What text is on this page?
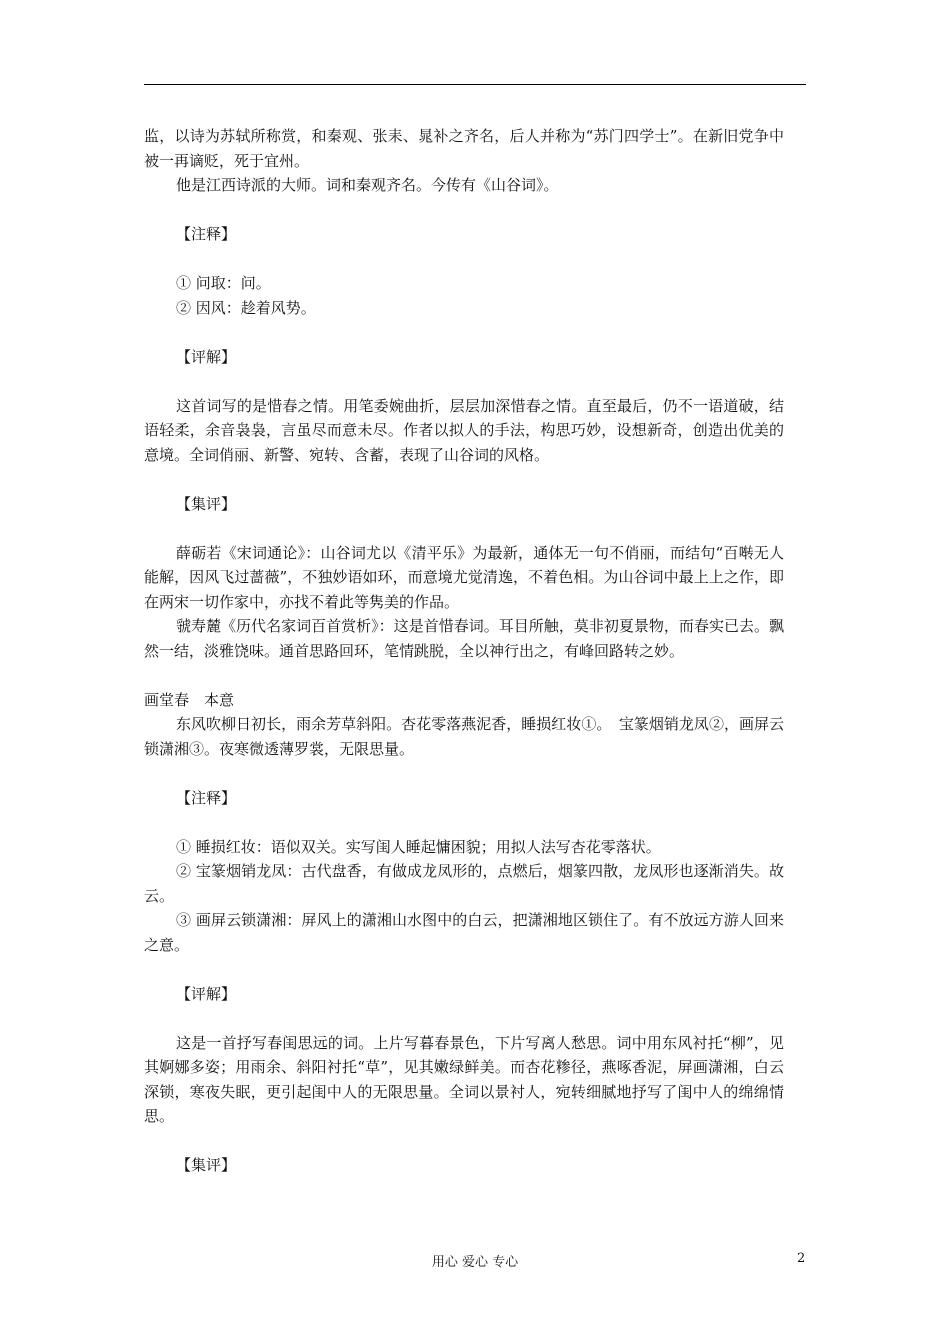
监，以诗为苏轼所称赏，和秦观、张耒、晁补之齐名，后人并称为“苏门四学士”。在新旧党争中被一再谪贬，死于宜州。

他是江西诗派的大师。词和秦观齐名。今传有《山谷词》。

【注释】

① 问取：问。

② 因风：趁着风势。

【评解】

这首词写的是惜春之情。用笔委婉曲折，层层加深惜春之情。直至最后，仍不一语道破，结语轻柔，余音袅袅，言虽尽而意未尽。作者以拟人的手法，构思巧妙，设想新奇，创造出优美的意境。全词俏丽、新警、宛转、含蓄，表现了山谷词的风格。

【集评】

薛砺若《宋词通论》：山谷词尤以《清平乐》为最新，通体无一句不俏丽，而结句“百啭无人能解，因风飞过蔷薇”，不独妙语如环，而意境尤觉清逸，不着色相。为山谷词中最上上之作，即在两宋一切作家中，亦找不着此等隽美的作品。

虢寿麓《历代名家词百首赏析》：这是首惜春词。耳目所触，莫非初夏景物，而春实已去。飘然一结，淡雅饶味。通首思路回环，笔情跳脱，全以神行出之，有峰回路转之妙。

画堂春　本意

东风吹柳日初长，雨余芳草斜阳。杏花零落燕泥香，睡损红妆①。　宝篆烟销龙凤②，画屏云锁潇湘③。夜寒微透薄罗裳，无限思量。

【注释】

① 睡损红妆：语似双关。实写闺人睡起慵困貌；用拟人法写杏花零落状。

② 宝篆烟销龙凤：古代盘香，有做成龙凤形的，点燃后，烟篆四散，龙凤形也逐渐消失。故云。

③ 画屏云锁潇湘：屏风上的潇湘山水图中的白云，把潇湘地区锁住了。有不放远方游人回来之意。

【评解】

这是一首抒写春闺思远的词。上片写暮春景色，下片写离人愁思。词中用东风衬托“柳”，见其婀娜多姿；用雨余、斜阳衬托“草”，见其嫩绿鲜美。而杏花糁径，燕啄香泥，屏画潇湘，白云深锁，寒夜失眠，更引起闺中人的无限思量。全词以景衬人，宛转细腻地抒写了闺中人的绵绵情思。

【集评】

用心 爱心 专心	2
